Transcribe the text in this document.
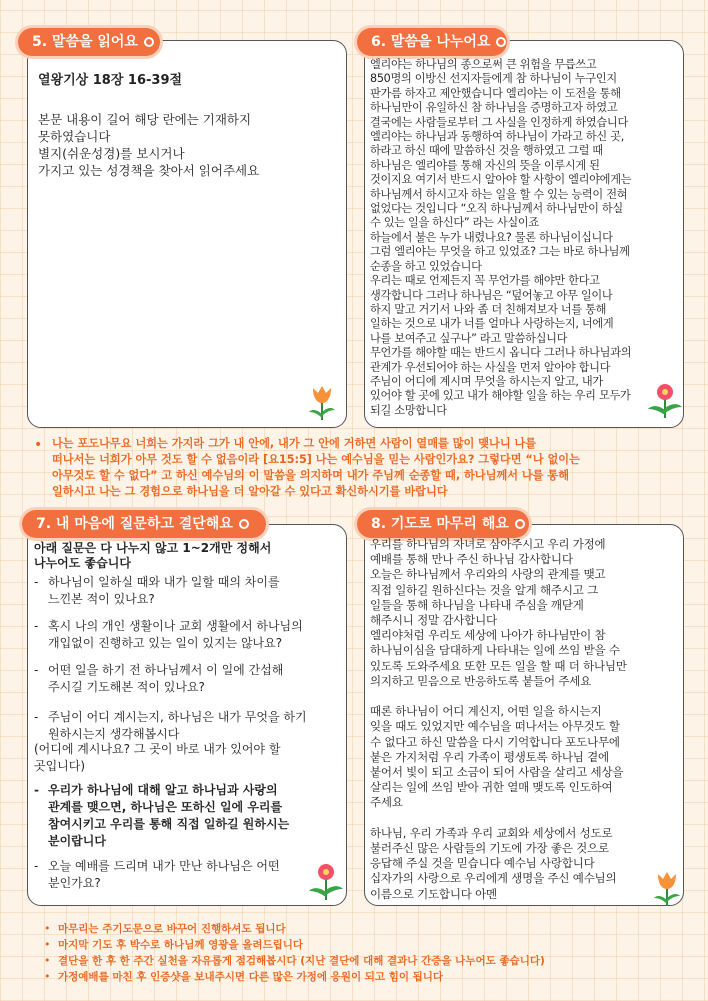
5. 말씀을 읽어요
열왕기상 18장 16-39절
본문 내용이 길어 해당 란에는 기재하지
못하였습니다
별지(쉬운성경)를 보시거나
가지고 있는 성경책을 찾아서 읽어주세요
6. 말씀을 나누어요
엘리야는 하나님의 종으로써 큰 위험을 무릅쓰고
850명의 이방신 선지자들에게 참 하나님이 누구인지
판가름 하자고 제안했습니다 엘리야는 이 도전을 통해
하나님만이 유일하신 참 하나님을 증명하고자 하였고
결국에는 사람들로부터 그 사실을 인정하게 하였습니다
엘리야는 하나님과 동행하여 하나님이 가라고 하신 곳,
하라고 하신 때에 말씀하신 것을 행하였고 그럴 때
하나님은 엘리야를 통해 자신의 뜻을 이루시게 된
것이지요 여기서 반드시 알아야 할 사항이 엘리야에게는
하나님께서 하시고자 하는 일을 할 수 있는 능력이 전혀
없었다는 것입니다 “오직 하나님께서 하나님만이 하실
수 있는 일을 하신다” 라는 사실이죠
하늘에서 불은 누가 내렸나요? 물론 하나님이십니다
그럼 엘리야는 무엇을 하고 있었죠? 그는 바로 하나님께
순종을 하고 있었습니다
우리는 때로 언제든지 꼭 무언가를 해야만 한다고
생각합니다 그러나 하나님은 “덮어놓고 아무 일이나
하지 말고 거기서 나와 좀 더 친해져보자 너를 통해
일하는 것으로 내가 너를 얼마나 사랑하는지, 너에게
나를 보여주고 싶구나” 라고 말씀하십니다
무언가를 해야할 때는 반드시 옵니다 그러나 하나님과의
관계가 우선되어야 하는 사실을 먼저 알아야 합니다
주님이 어디에 계시며 무엇을 하시는지 알고, 내가
있어야 할 곳에 있고 내가 해야할 일을 하는 우리 모두가
되길 소망합니다
• 나는 포도나무요 너희는 가지라 그가 내 안에, 내가 그 안에 거하면 사람이 열매를 많이 맺나니 나를
떠나서는 너희가 아무 것도 할 수 없음이라 [요15:5] 나는 예수님을 믿는 사람인가요? 그렇다면 “나 없이는
아무것도 할 수 없다” 고 하신 예수님의 이 말씀을 의지하며 내가 주님께 순종할 때, 하나님께서 나를 통해
일하시고 나는 그 경험으로 하나님을 더 알아갈 수 있다고 확신하시기를 바랍니다
7. 내 마음에 질문하고 결단해요
아래 질문은 다 나누지 않고 1~2개만 정해서
나누어도 좋습니다
- 하나님이 일하실 때와 내가 일할 때의 차이를
느낀본 적이 있나요?
- 혹시 나의 개인 생활이나 교회 생활에서 하나님의
개입없이 진행하고 있는 일이 있지는 않나요?
- 어떤 일을 하기 전 하나님께서 이 일에 간섭해
주시길 기도해본 적이 있나요?
- 주님이 어디 계시는지, 하나님은 내가 무엇을 하기
원하시는지 생각해봅시다
(어디에 계시나요? 그 곳이 바로 내가 있어야 할
곳입니다)
- 우리가 하나님에 대해 알고 하나님과 사랑의
관계를 맺으면, 하나님은 또하신 일에 우리를
참여시키고 우리를 통해 직접 일하길 원하시는
분이랍니다
- 오늘 예배를 드리며 내가 만난 하나님은 어떤
분인가요?
8. 기도로 마무리 해요
우리를 하나님의 자녀로 삼아주시고 우리 가정에
예배를 통해 만나 주신 하나님 감사합니다
오늘은 하나님께서 우리와의 사랑의 관계를 맺고
직접 일하길 원하신다는 것을 알게 해주시고 그
일들을 통해 하나님을 나타내 주심을 깨닫게
해주시니 정말 감사합니다
엘리야처럼 우리도 세상에 나아가 하나님만이 참
하나님이심을 담대하게 나타내는 일에 쓰임 받을 수
있도록 도와주세요 또한 모든 일을 할 때 더 하나님만
의지하고 믿음으로 반응하도록 붙들어 주세요

때론 하나님이 어디 계신지, 어떤 일을 하시는지
잊을 때도 있었지만 예수님을 떠나서는 아무것도 할
수 없다고 하신 말씀을 다시 기억합니다 포도나무에
붙은 가지처럼 우리 가족이 평생토록 하나님 곁에
붙어서 빛이 되고 소금이 되어 사람을 살리고 세상을
살리는 일에 쓰임 받아 귀한 열매 맺도록 인도하여
주세요

하나님, 우리 가족과 우리 교회와 세상에서 성도로
불러주신 많은 사람들의 기도에 가장 좋은 것으로
응답해 주실 것을 믿습니다 예수님 사랑합니다
십자가의 사랑으로 우리에게 생명을 주신 예수님의
이름으로 기도합니다 아멘
• 마무리는 주기도문으로 바꾸어 진행하셔도 됩니다
• 마지막 기도 후 박수로 하나님께 영광을 올려드립니다
• 결단을 한 후 한 주간 실천을 자유롭게 점검해봅시다 (지난 결단에 대해 결과나 간증을 나누어도 좋습니다)
• 가정예배를 마친 후 인증샷을 보내주시면 다른 많은 가정에 응원이 되고 힘이 됩니다
